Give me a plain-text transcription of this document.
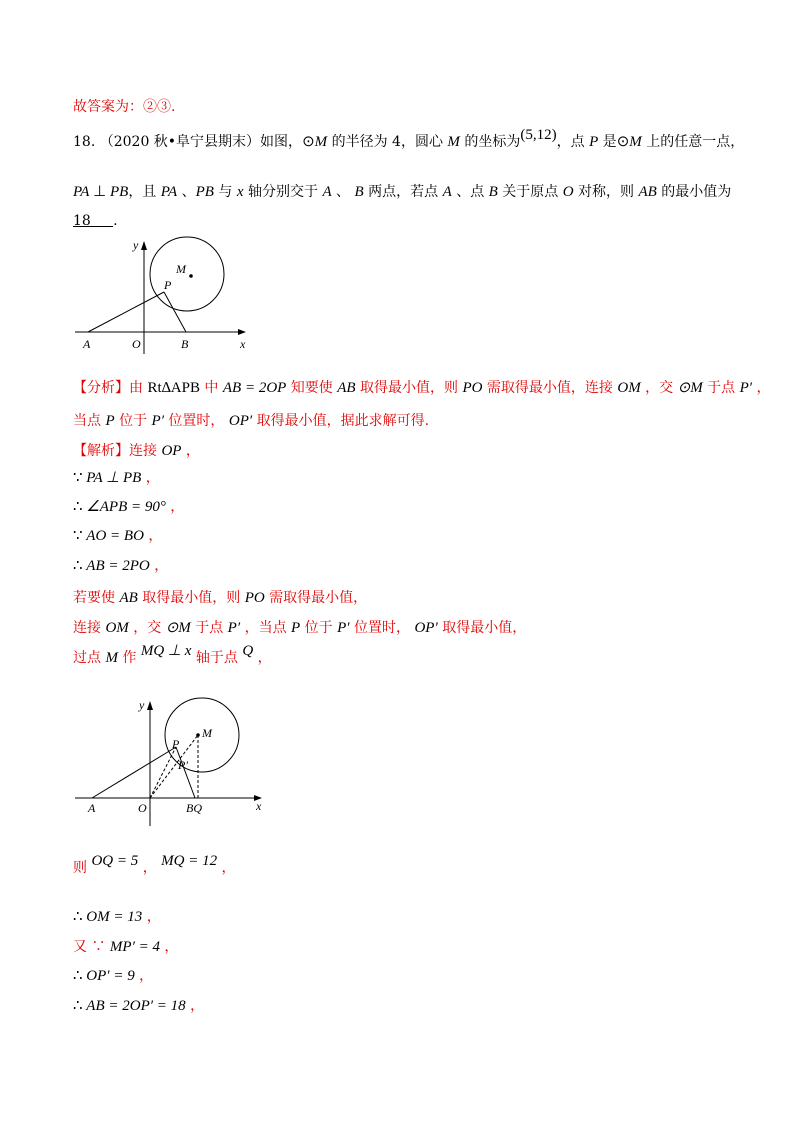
故答案为：②③.
18. （2020 秋•阜宁县期末）如图，⊙M 的半径为 4，圆心 M 的坐标为(5,12)，点 P 是⊙M 上的任意一点，
PA ⊥ PB，且 PA 、PB 与 x 轴分别交于 A 、 B 两点，若点 A 、点 B 关于原点 O 对称，则 AB 的最小值为
18 .
y
x
M
P
A	O	B
【分析】由 Rt∆APB 中 AB = 2OP 知要使 AB 取得最小值，则 PO 需取得最小值，连接 OM ，交 ⊙M 于点 P′ ，
当点 P 位于 P′ 位置时， OP′ 取得最小值，据此求解可得.
【解析】连接 OP ，
∵ PA ⊥ PB ，
∴ ∠APB = 90° ，
∵ AO = BO ，
∴ AB = 2PO ，
若要使 AB 取得最小值，则 PO 需取得最小值，
连接 OM ，交 ⊙M 于点 P′ ，当点 P 位于 P′ 位置时， OP′ 取得最小值，
过点 M 作 MQ ⊥ x 轴于点 Q ，
y
x
M
P
P′
A	O	BQ
则 OQ = 5 ， MQ = 12 ，
∴ OM = 13 ，
又 ∵ MP′ = 4 ，
∴ OP′ = 9 ，
∴ AB = 2OP′ = 18 ，
